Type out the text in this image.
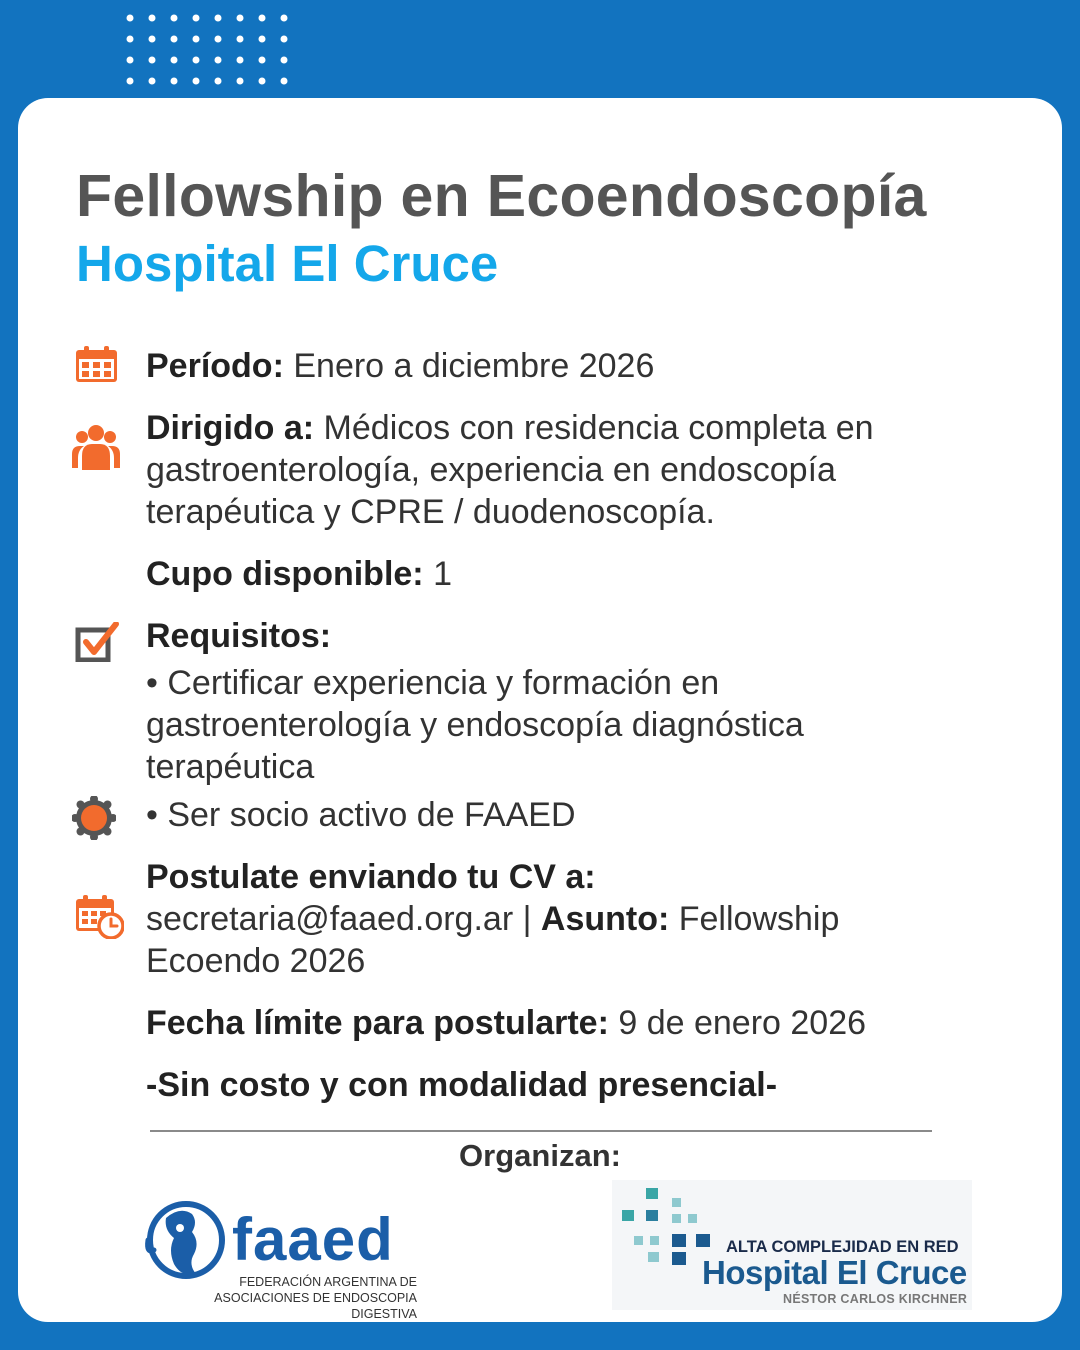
Fellowship en Ecoendoscopía
Hospital El Cruce

Período: Enero a diciembre 2026

Dirigido a: Médicos con residencia completa en

gastroenterología, experiencia en endoscopía

terapéutica y CPRE / duodenoscopía.

Cupo disponible: 1

Requisitos:

• Certificar experiencia y formación en

gastroenterología y endoscopía diagnóstica

terapéutica

• Ser socio activo de FAAED

Postulate enviando tu CV a:

secretaria@faaed.org.ar | Asunto: Fellowship

Ecoendo 2026

Fecha límite para postularte: 9 de enero 2026

-Sin costo y con modalidad presencial-

Organizan:
faaed
FEDERACIÓN ARGENTINA DE
ASOCIACIONES DE ENDOSCOPIA DIGESTIVA
ALTA COMPLEJIDAD EN RED
Hospital El Cruce
NÉSTOR CARLOS KIRCHNER
